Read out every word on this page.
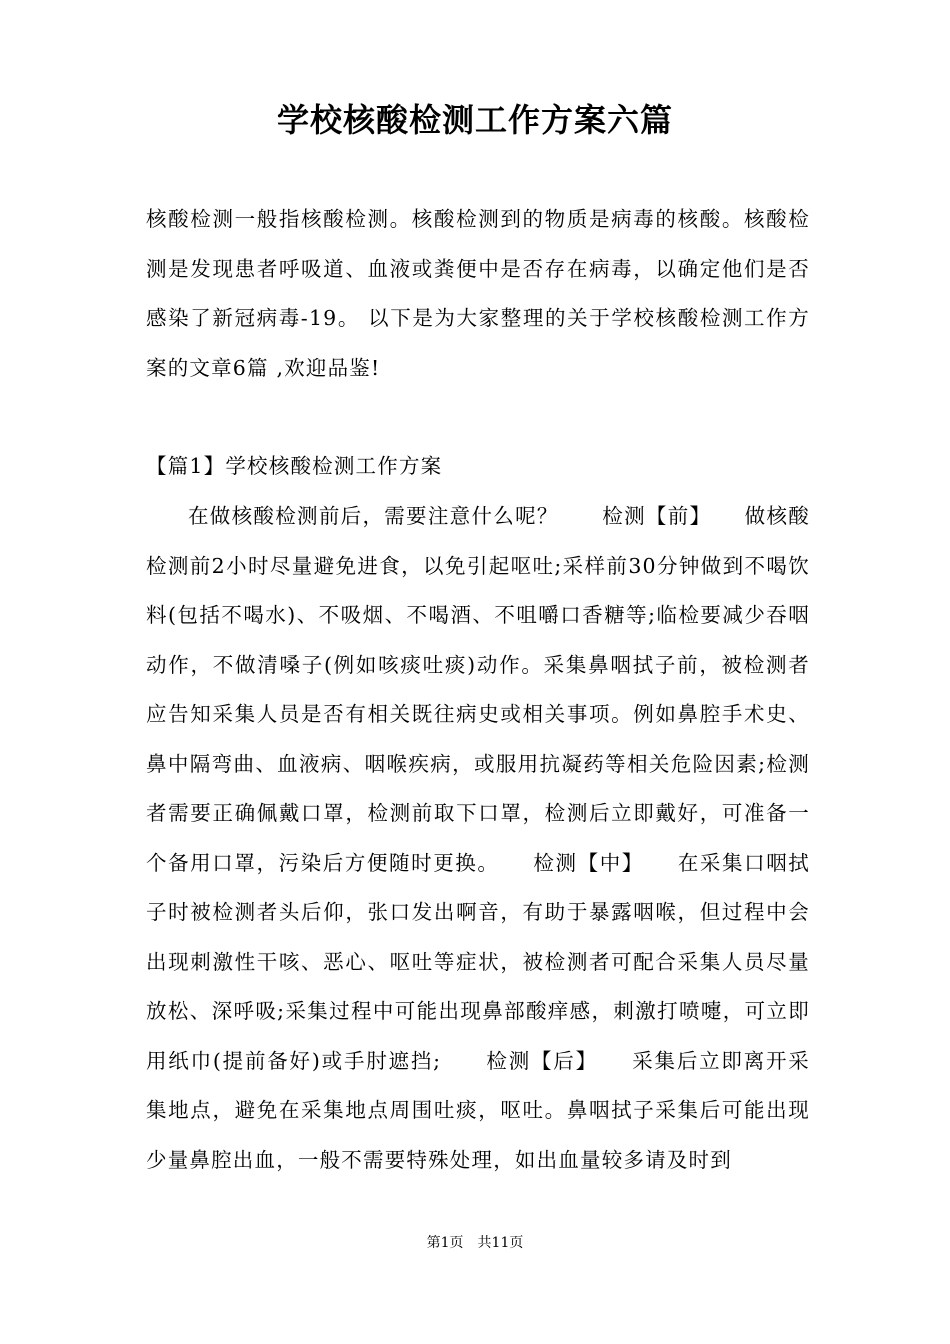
学校核酸检测工作方案六篇

核酸检测一般指核酸检测。核酸检测到的物质是病毒的核酸。核酸检测是发现患者呼吸道、血液或粪便中是否存在病毒，以确定他们是否感染了新冠病毒-19。 以下是为大家整理的关于学校核酸检测工作方案的文章6篇 ,欢迎品鉴!

【篇1】学校核酸检测工作方案

在做核酸检测前后，需要注意什么呢？　　检测【前】　　做核酸检测前2小时尽量避免进食，以免引起呕吐;采样前30分钟做到不喝饮料(包括不喝水)、不吸烟、不喝酒、不咀嚼口香糖等;临检要减少吞咽动作，不做清嗓子(例如咳痰吐痰)动作。采集鼻咽拭子前，被检测者应告知采集人员是否有相关既往病史或相关事项。例如鼻腔手术史、鼻中隔弯曲、血液病、咽喉疾病，或服用抗凝药等相关危险因素;检测者需要正确佩戴口罩，检测前取下口罩，检测后立即戴好，可准备一个备用口罩，污染后方便随时更换。　　检测【中】　　在采集口咽拭子时被检测者头后仰，张口发出啊音，有助于暴露咽喉，但过程中会出现刺激性干咳、恶心、呕吐等症状，被检测者可配合采集人员尽量放松、深呼吸;采集过程中可能出现鼻部酸痒感，刺激打喷嚏，可立即用纸巾(提前备好)或手肘遮挡;　　检测【后】　　采集后立即离开采集地点，避免在采集地点周围吐痰，呕吐。鼻咽拭子采集后可能出现少量鼻腔出血，一般不需要特殊处理，如出血量较多请及时到

第1页 共11页
